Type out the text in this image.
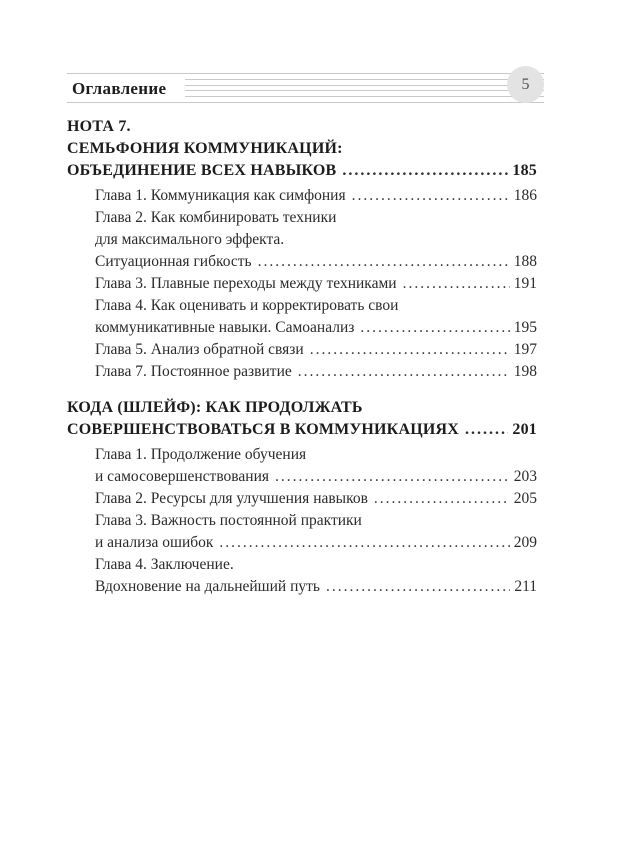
Оглавление	5
НОТА 7.
СЕМЬФОНИЯ КОММУНИКАЦИЙ:
ОБЪЕДИНЕНИЕ ВСЕХ НАВЫКОВ .....	185
Глава 1. Коммуникация как симфония .....	186
Глава 2. Как комбинировать техники
для максимального эффекта.
Ситуационная гибкость .....	188
Глава 3. Плавные переходы между техниками .....	191
Глава 4. Как оценивать и корректировать свои
коммуникативные навыки. Самоанализ .....	195
Глава 5. Анализ обратной связи .....	197
Глава 7. Постоянное развитие .....	198
КОДА (ШЛЕЙФ): КАК ПРОДОЛЖАТЬ
СОВЕРШЕНСТВОВАТЬСЯ В КОММУНИКАЦИЯХ .....	201
Глава 1. Продолжение обучения
и самосовершенствования .....	203
Глава 2. Ресурсы для улучшения навыков .....	205
Глава 3. Важность постоянной практики
и анализа ошибок .....	209
Глава 4. Заключение.
Вдохновение на дальнейший путь .....	211
